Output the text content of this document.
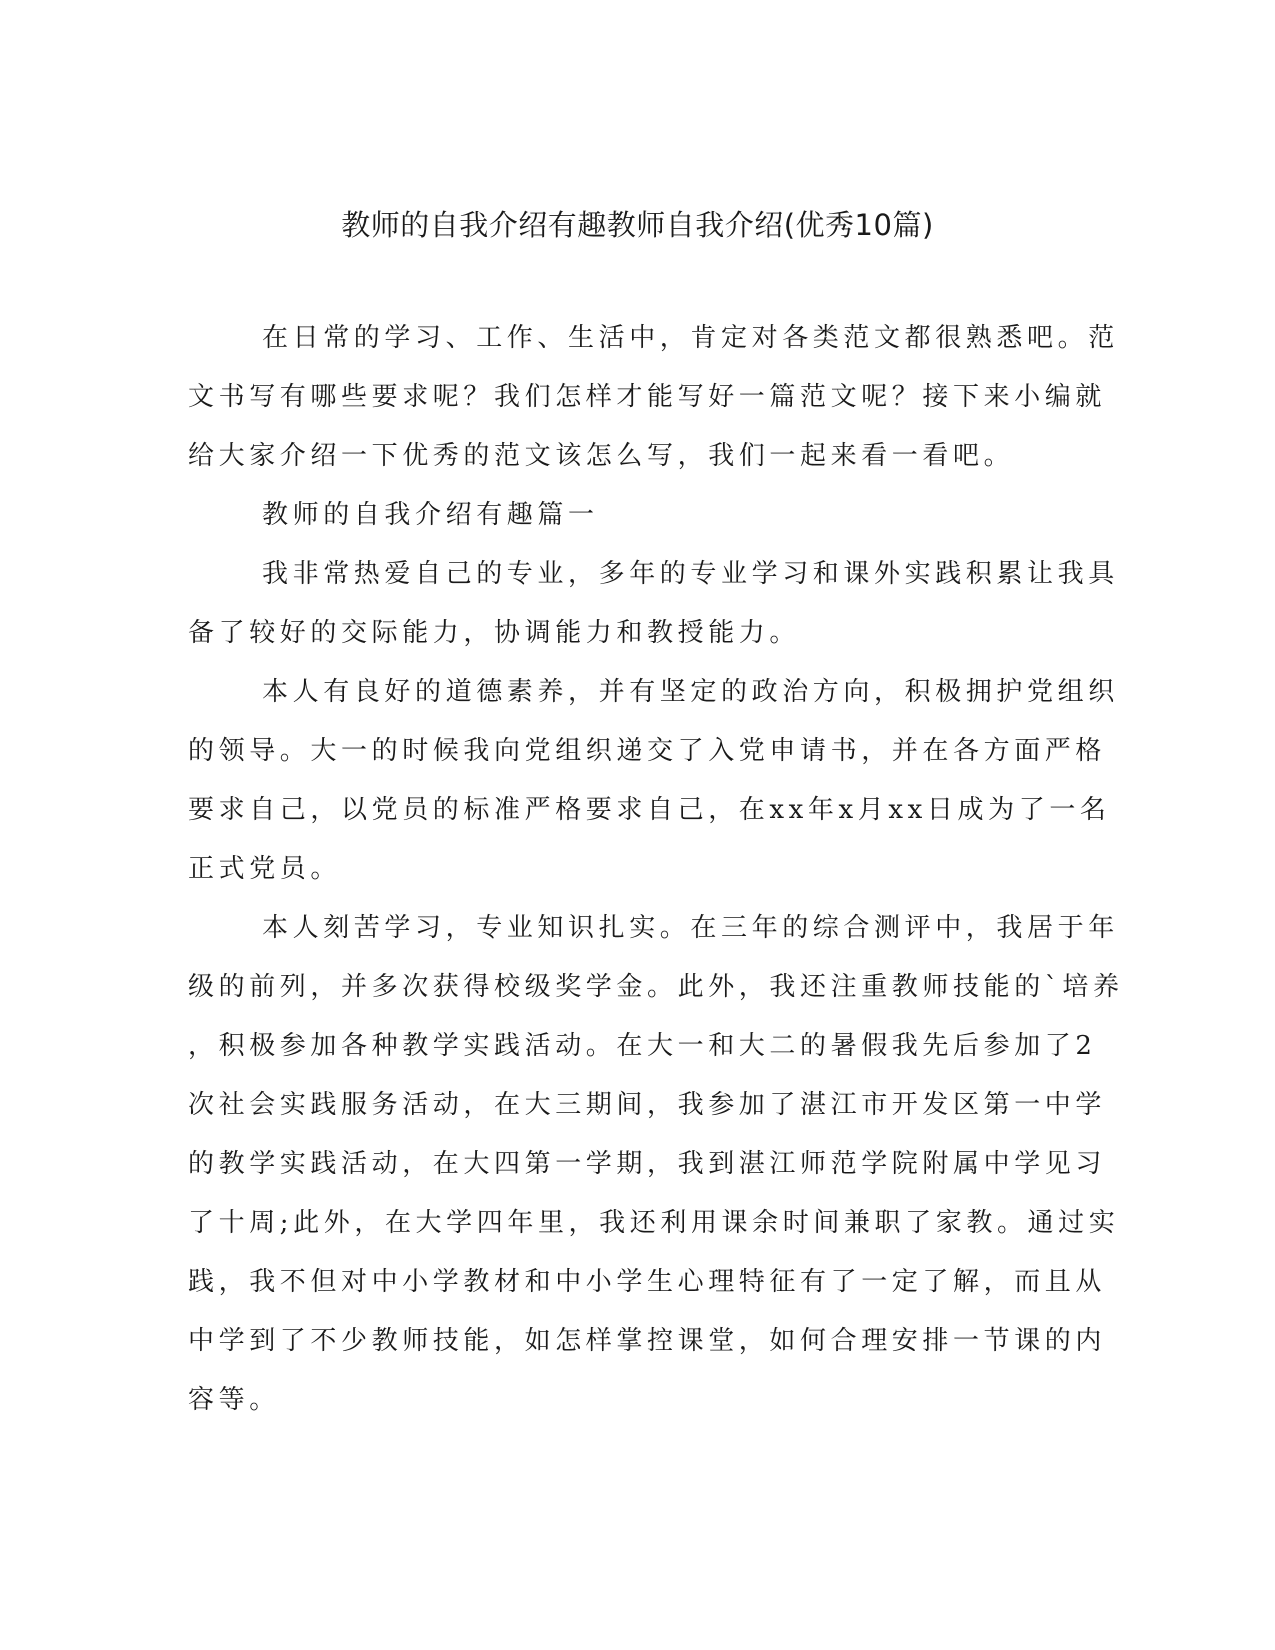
教师的自我介绍有趣教师自我介绍(优秀10篇)
在日常的学习、工作、生活中，肯定对各类范文都很熟悉吧。范
文书写有哪些要求呢？我们怎样才能写好一篇范文呢？接下来小编就
给大家介绍一下优秀的范文该怎么写，我们一起来看一看吧。
教师的自我介绍有趣篇一
我非常热爱自己的专业，多年的专业学习和课外实践积累让我具
备了较好的交际能力，协调能力和教授能力。
本人有良好的道德素养，并有坚定的政治方向，积极拥护党组织
的领导。大一的时候我向党组织递交了入党申请书，并在各方面严格
要求自己，以党员的标准严格要求自己，在xx年x月xx日成为了一名
正式党员。
本人刻苦学习，专业知识扎实。在三年的综合测评中，我居于年
级的前列，并多次获得校级奖学金。此外，我还注重教师技能的`培养
，积极参加各种教学实践活动。在大一和大二的暑假我先后参加了2
次社会实践服务活动，在大三期间，我参加了湛江市开发区第一中学
的教学实践活动，在大四第一学期，我到湛江师范学院附属中学见习
了十周;此外，在大学四年里，我还利用课余时间兼职了家教。通过实
践，我不但对中小学教材和中小学生心理特征有了一定了解，而且从
中学到了不少教师技能，如怎样掌控课堂，如何合理安排一节课的内
容等。
